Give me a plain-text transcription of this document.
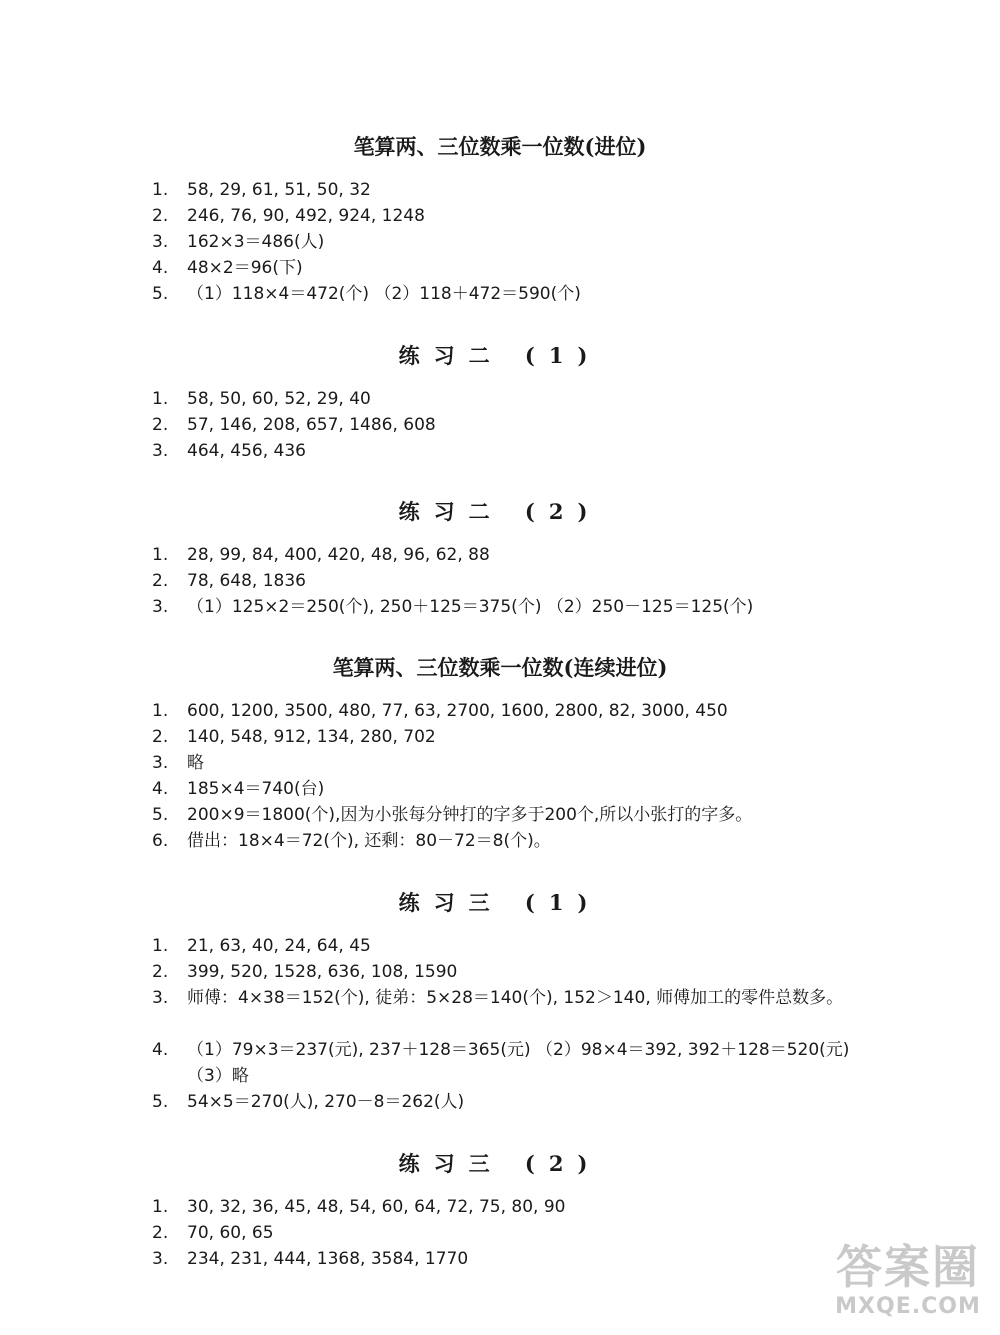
笔算两、三位数乘一位数(进位)
1. 58, 29, 61, 51, 50, 32
2. 246, 76, 90, 492, 924, 1248
3. 162×3＝486(人)
4. 48×2＝96(下)
5. （1）118×4＝472(个) （2）118＋472＝590(个)
练习二 (1)
1. 58, 50, 60, 52, 29, 40
2. 57, 146, 208, 657, 1486, 608
3. 464, 456, 436
练习二 (2)
1. 28, 99, 84, 400, 420, 48, 96, 62, 88
2. 78, 648, 1836
3. （1）125×2＝250(个), 250＋125＝375(个) （2）250－125＝125(个)
笔算两、三位数乘一位数(连续进位)
1. 600, 1200, 3500, 480, 77, 63, 2700, 1600, 2800, 82, 3000, 450
2. 140, 548, 912, 134, 280, 702
3. 略
4. 185×4＝740(台)
5. 200×9＝1800(个),因为小张每分钟打的字多于200个,所以小张打的字多。
6. 借出：18×4＝72(个), 还剩：80－72＝8(个)。
练习三 (1)
1. 21, 63, 40, 24, 64, 45
2. 399, 520, 1528, 636, 108, 1590
3. 师傅：4×38＝152(个), 徒弟：5×28＝140(个), 152＞140, 师傅加工的零件总数多。
4. （1）79×3＝237(元), 237＋128＝365(元) （2）98×4＝392, 392＋128＝520(元) （3）略
5. 54×5＝270(人), 270－8＝262(人)
练习三 (2)
1. 30, 32, 36, 45, 48, 54, 60, 64, 72, 75, 80, 90
2. 70, 60, 65
3. 234, 231, 444, 1368, 3584, 1770	答案圈
MXQE.COM
